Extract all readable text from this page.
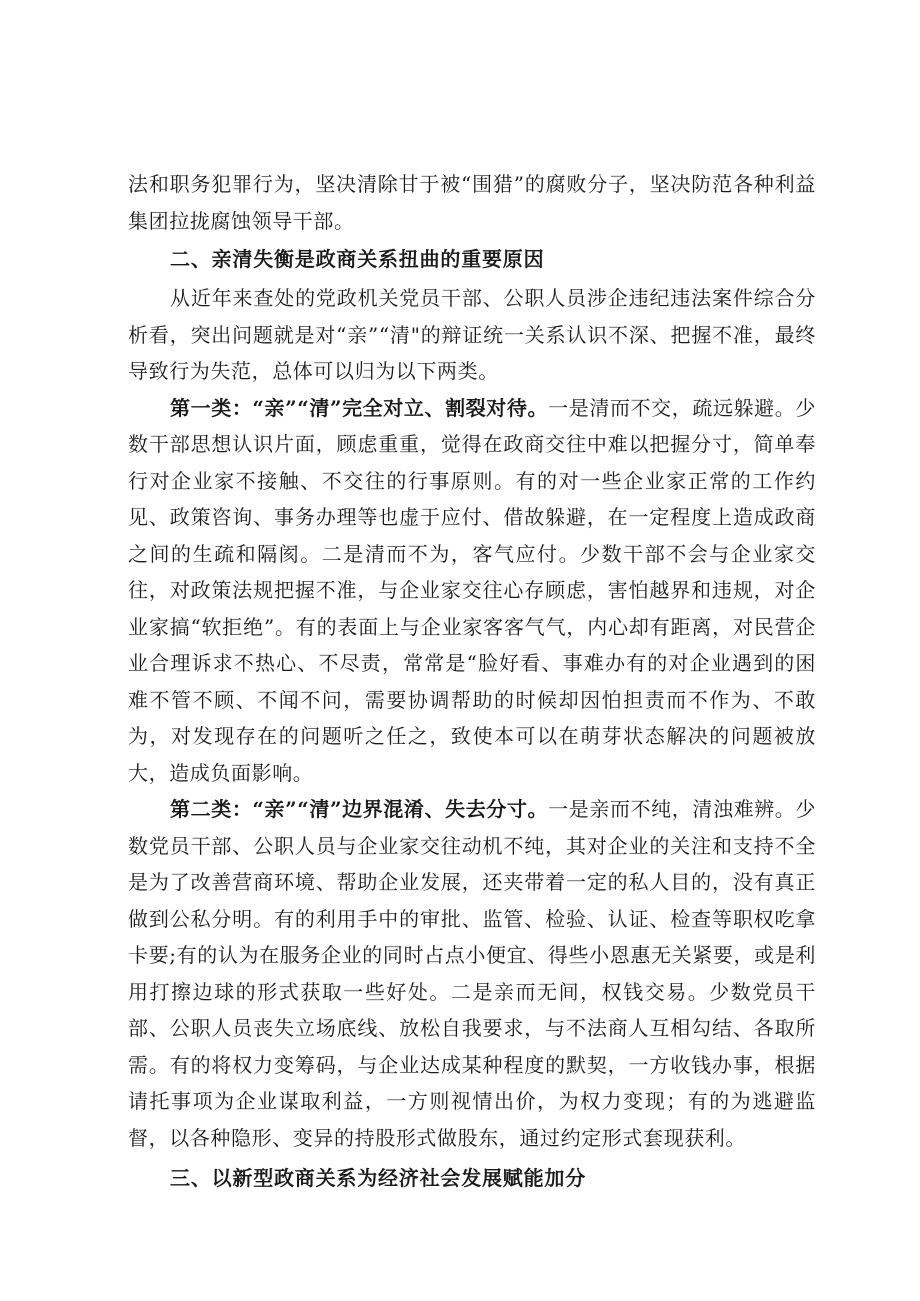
法和职务犯罪行为，坚决清除甘于被“围猎”的腐败分子，坚决防范各种利益集团拉拢腐蚀领导干部。

二、亲清失衡是政商关系扭曲的重要原因

从近年来查处的党政机关党员干部、公职人员涉企违纪违法案件综合分析看，突出问题就是对“亲”“清"的辩证统一关系认识不深、把握不准，最终导致行为失范，总体可以归为以下两类。

第一类：“亲”“清”完全对立、割裂对待。一是清而不交，疏远躲避。少数干部思想认识片面，顾虑重重，觉得在政商交往中难以把握分寸，简单奉行对企业家不接触、不交往的行事原则。有的对一些企业家正常的工作约见、政策咨询、事务办理等也虚于应付、借故躲避，在一定程度上造成政商之间的生疏和隔阂。二是清而不为，客气应付。少数干部不会与企业家交往，对政策法规把握不准，与企业家交往心存顾虑，害怕越界和违规，对企业家搞“软拒绝”。有的表面上与企业家客客气气，内心却有距离，对民营企业合理诉求不热心、不尽责，常常是“脸好看、事难办有的对企业遇到的困难不管不顾、不闻不问，需要协调帮助的时候却因怕担责而不作为、不敢为，对发现存在的问题听之任之，致使本可以在萌芽状态解决的问题被放大，造成负面影响。

第二类：“亲”“清”边界混淆、失去分寸。一是亲而不纯，清浊难辨。少数党员干部、公职人员与企业家交往动机不纯，其对企业的关注和支持不全是为了改善营商环境、帮助企业发展，还夹带着一定的私人目的，没有真正做到公私分明。有的利用手中的审批、监管、检验、认证、检查等职权吃拿卡要;有的认为在服务企业的同时占点小便宜、得些小恩惠无关紧要，或是利用打擦边球的形式获取一些好处。二是亲而无间，权钱交易。少数党员干部、公职人员丧失立场底线、放松自我要求，与不法商人互相勾结、各取所需。有的将权力变筹码，与企业达成某种程度的默契，一方收钱办事，根据请托事项为企业谋取利益，一方则视情出价，为权力变现；有的为逃避监督，以各种隐形、变异的持股形式做股东，通过约定形式套现获利。

三、以新型政商关系为经济社会发展赋能加分
